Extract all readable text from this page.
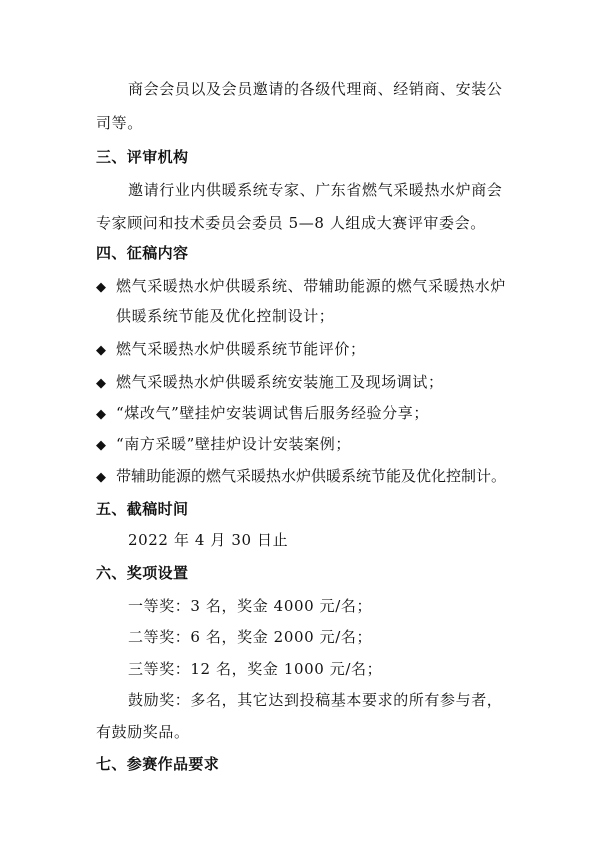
商会会员以及会员邀请的各级代理商、经销商、安装公
司等。
三、评审机构
邀请行业内供暖系统专家、广东省燃气采暖热水炉商会
专家顾问和技术委员会委员 5—8 人组成大赛评审委会。
四、征稿内容
◆ 燃气采暖热水炉供暖系统、带辅助能源的燃气采暖热水炉
供暖系统节能及优化控制设计；
◆ 燃气采暖热水炉供暖系统节能评价；
◆ 燃气采暖热水炉供暖系统安装施工及现场调试；
◆ “煤改气”壁挂炉安装调试售后服务经验分享；
◆ “南方采暖”壁挂炉设计安装案例；
◆ 带辅助能源的燃气采暖热水炉供暖系统节能及优化控制计。
五、截稿时间
2022 年 4 月 30 日止
六、奖项设置
一等奖：3 名，奖金 4000 元/名；
二等奖：6 名，奖金 2000 元/名；
三等奖：12 名，奖金 1000 元/名；
鼓励奖：多名，其它达到投稿基本要求的所有参与者，
有鼓励奖品。
七、参赛作品要求
